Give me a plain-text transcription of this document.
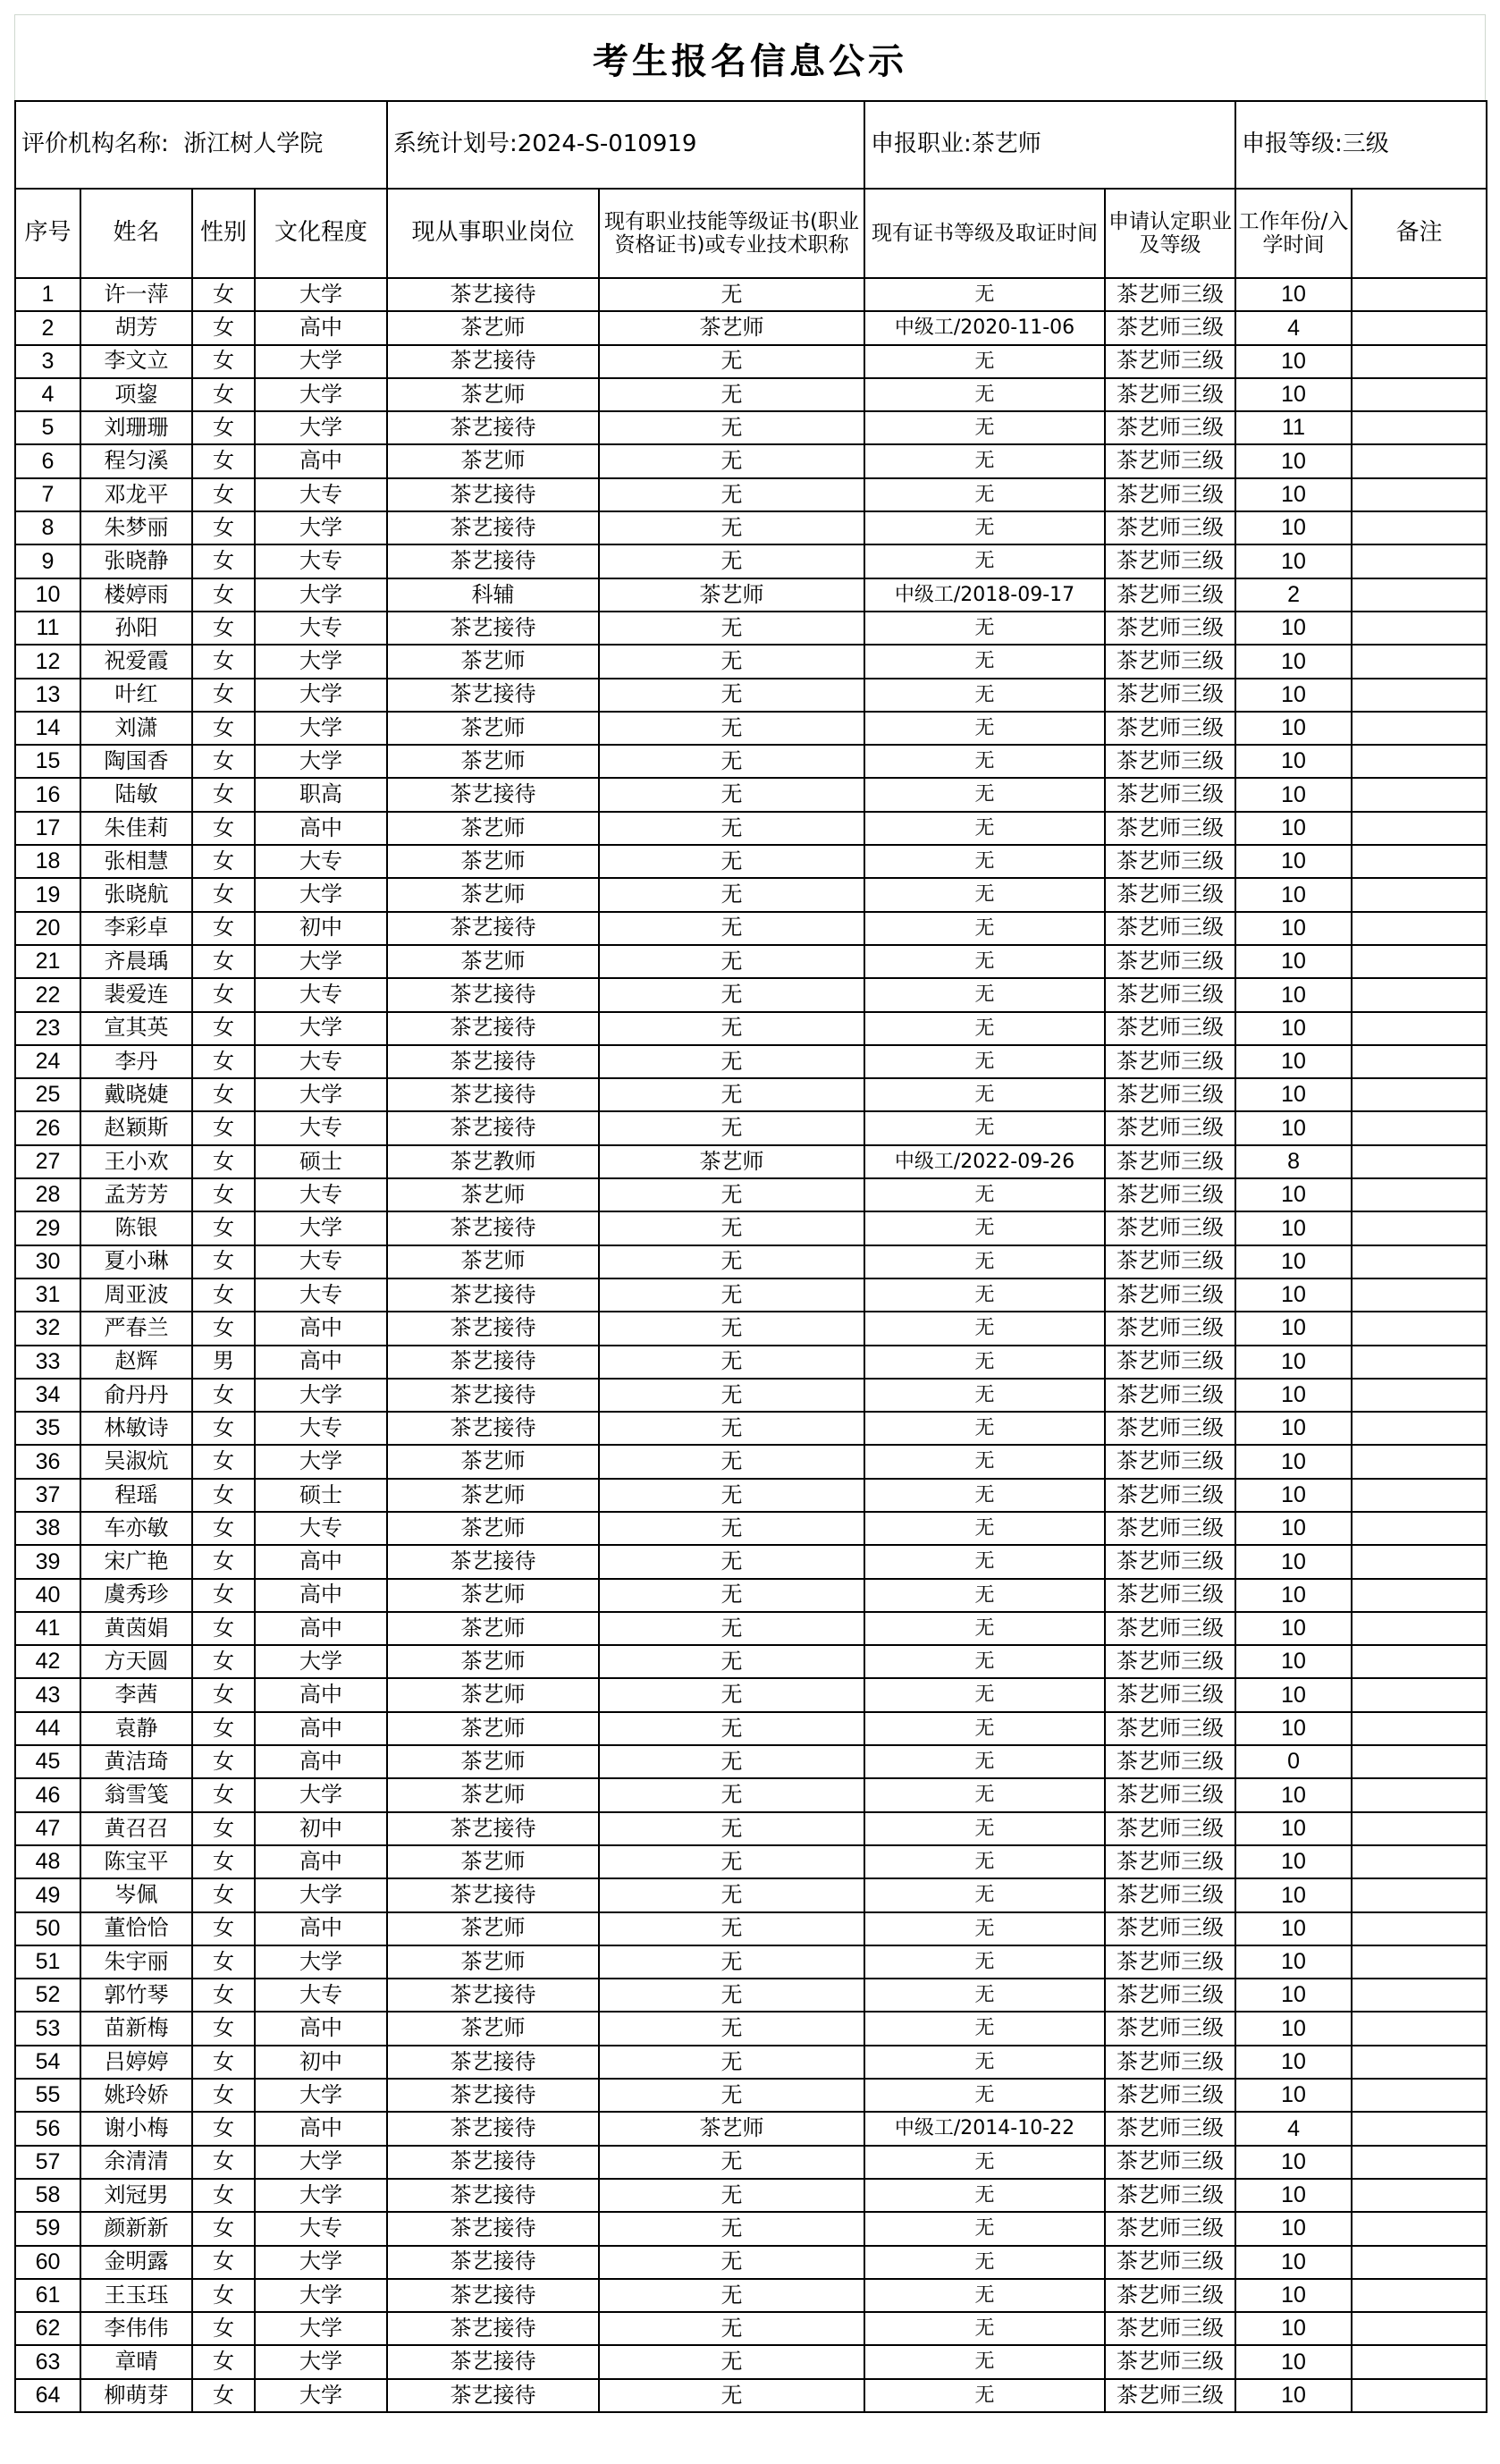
考生报名信息公示
评价机构名称: 浙江树人学院				系统计划号:2024-S-010919		申报职业:茶艺师		申报等级:三级	
序号	姓名	性别	文化程度	现从事职业岗位	现有职业技能等级证书(职业资格证书)或专业技术职称	现有证书等级及取证时间	申请认定职业及等级	工作年份/入学时间	备注
1	许一萍	女	大学	茶艺接待	无	无	茶艺师三级	10	
2	胡芳	女	高中	茶艺师	茶艺师	中级工/2020-11-06	茶艺师三级	4	
3	李文立	女	大学	茶艺接待	无	无	茶艺师三级	10	
4	项鋆	女	大学	茶艺师	无	无	茶艺师三级	10	
5	刘珊珊	女	大学	茶艺接待	无	无	茶艺师三级	11	
6	程匀溪	女	高中	茶艺师	无	无	茶艺师三级	10	
7	邓龙平	女	大专	茶艺接待	无	无	茶艺师三级	10	
8	朱梦丽	女	大学	茶艺接待	无	无	茶艺师三级	10	
9	张晓静	女	大专	茶艺接待	无	无	茶艺师三级	10	
10	楼婷雨	女	大学	科辅	茶艺师	中级工/2018-09-17	茶艺师三级	2	
11	孙阳	女	大专	茶艺接待	无	无	茶艺师三级	10	
12	祝爱霞	女	大学	茶艺师	无	无	茶艺师三级	10	
13	叶红	女	大学	茶艺接待	无	无	茶艺师三级	10	
14	刘潇	女	大学	茶艺师	无	无	茶艺师三级	10	
15	陶国香	女	大学	茶艺师	无	无	茶艺师三级	10	
16	陆敏	女	职高	茶艺接待	无	无	茶艺师三级	10	
17	朱佳莉	女	高中	茶艺师	无	无	茶艺师三级	10	
18	张相慧	女	大专	茶艺师	无	无	茶艺师三级	10	
19	张晓航	女	大学	茶艺师	无	无	茶艺师三级	10	
20	李彩卓	女	初中	茶艺接待	无	无	茶艺师三级	10	
21	齐晨瑀	女	大学	茶艺师	无	无	茶艺师三级	10	
22	裴爱连	女	大专	茶艺接待	无	无	茶艺师三级	10	
23	宣其英	女	大学	茶艺接待	无	无	茶艺师三级	10	
24	李丹	女	大专	茶艺接待	无	无	茶艺师三级	10	
25	戴晓婕	女	大学	茶艺接待	无	无	茶艺师三级	10	
26	赵颖斯	女	大专	茶艺接待	无	无	茶艺师三级	10	
27	王小欢	女	硕士	茶艺教师	茶艺师	中级工/2022-09-26	茶艺师三级	8	
28	孟芳芳	女	大专	茶艺师	无	无	茶艺师三级	10	
29	陈银	女	大学	茶艺接待	无	无	茶艺师三级	10	
30	夏小琳	女	大专	茶艺师	无	无	茶艺师三级	10	
31	周亚波	女	大专	茶艺接待	无	无	茶艺师三级	10	
32	严春兰	女	高中	茶艺接待	无	无	茶艺师三级	10	
33	赵辉	男	高中	茶艺接待	无	无	茶艺师三级	10	
34	俞丹丹	女	大学	茶艺接待	无	无	茶艺师三级	10	
35	林敏诗	女	大专	茶艺接待	无	无	茶艺师三级	10	
36	吴淑炕	女	大学	茶艺师	无	无	茶艺师三级	10	
37	程瑶	女	硕士	茶艺师	无	无	茶艺师三级	10	
38	车亦敏	女	大专	茶艺师	无	无	茶艺师三级	10	
39	宋广艳	女	高中	茶艺接待	无	无	茶艺师三级	10	
40	虞秀珍	女	高中	茶艺师	无	无	茶艺师三级	10	
41	黄茵娟	女	高中	茶艺师	无	无	茶艺师三级	10	
42	方天圆	女	大学	茶艺师	无	无	茶艺师三级	10	
43	李茜	女	高中	茶艺师	无	无	茶艺师三级	10	
44	袁静	女	高中	茶艺师	无	无	茶艺师三级	10	
45	黄洁琦	女	高中	茶艺师	无	无	茶艺师三级	0	
46	翁雪笺	女	大学	茶艺师	无	无	茶艺师三级	10	
47	黄召召	女	初中	茶艺接待	无	无	茶艺师三级	10	
48	陈宝平	女	高中	茶艺师	无	无	茶艺师三级	10	
49	岑佩	女	大学	茶艺接待	无	无	茶艺师三级	10	
50	董恰恰	女	高中	茶艺师	无	无	茶艺师三级	10	
51	朱宇丽	女	大学	茶艺师	无	无	茶艺师三级	10	
52	郭竹琴	女	大专	茶艺接待	无	无	茶艺师三级	10	
53	苗新梅	女	高中	茶艺师	无	无	茶艺师三级	10	
54	吕婷婷	女	初中	茶艺接待	无	无	茶艺师三级	10	
55	姚玲娇	女	大学	茶艺接待	无	无	茶艺师三级	10	
56	谢小梅	女	高中	茶艺接待	茶艺师	中级工/2014-10-22	茶艺师三级	4	
57	余清清	女	大学	茶艺接待	无	无	茶艺师三级	10	
58	刘冠男	女	大学	茶艺接待	无	无	茶艺师三级	10	
59	颜新新	女	大专	茶艺接待	无	无	茶艺师三级	10	
60	金明露	女	大学	茶艺接待	无	无	茶艺师三级	10	
61	王玉珏	女	大学	茶艺接待	无	无	茶艺师三级	10	
62	李伟伟	女	大学	茶艺接待	无	无	茶艺师三级	10	
63	章晴	女	大学	茶艺接待	无	无	茶艺师三级	10	
64	柳萌芽	女	大学	茶艺接待	无	无	茶艺师三级	10	
